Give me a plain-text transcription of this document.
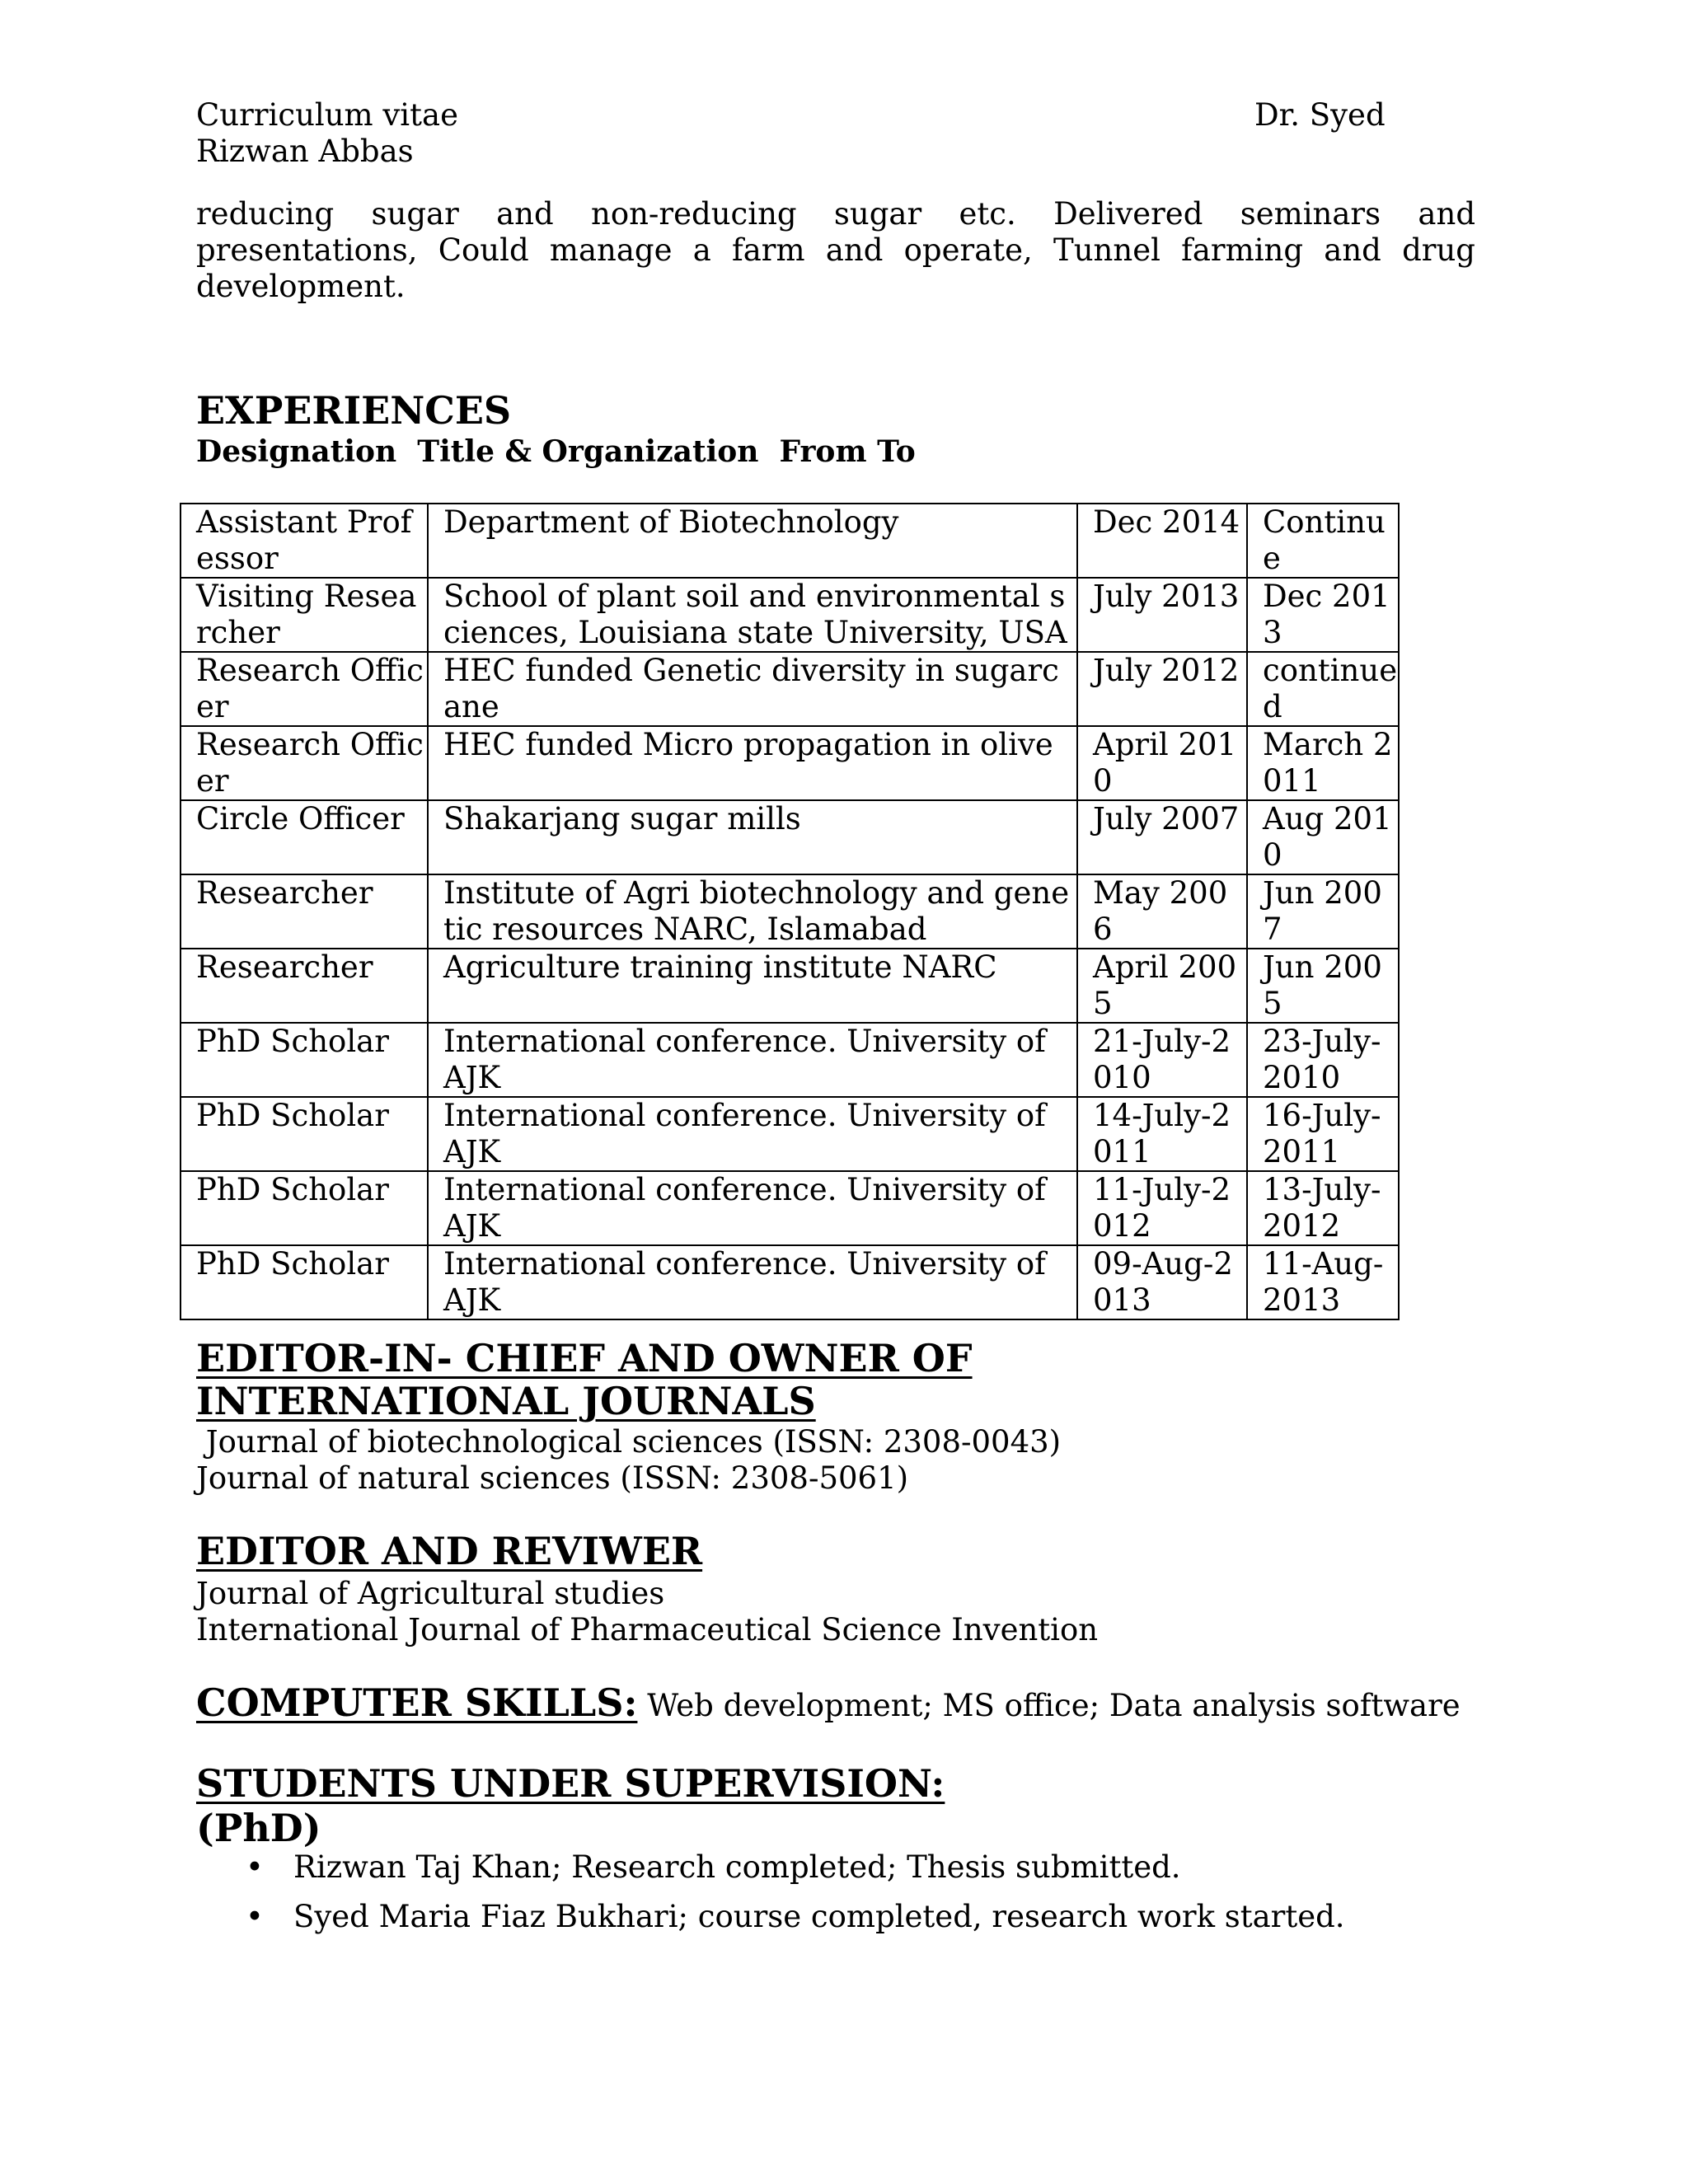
Curriculum vitae
Rizwan Abbas
Dr. Syed
reducing sugar and non-reducing sugar etc. Delivered seminars and presentations, Could manage a farm and operate, Tunnel farming and drug development.
EXPERIENCES
Designation  Title & Organization  From To
Assistant Professor	Department of Biotechnology	Dec 2014	Continue
Visiting Researcher	School of plant soil and environmental sciences, Louisiana state University, USA	July 2013	Dec 2013
Research Officer	HEC funded Genetic diversity in sugarcane	July 2012	continued
Research Officer	HEC funded Micro propagation in olive	April 2010	March 2011
Circle Officer	Shakarjang sugar mills	July 2007	Aug 2010
Researcher	Institute of Agri biotechnology and genetic resources NARC, Islamabad	May 2006	Jun 2007
Researcher	Agriculture training institute NARC	April 2005	Jun 2005
PhD Scholar	International conference. University of AJK	21-July-2010	23-July-2010
PhD Scholar	International conference. University of AJK	14-July-2011	16-July-2011
PhD Scholar	International conference. University of AJK	11-July-2012	13-July-2012
PhD Scholar	International conference. University of AJK	09-Aug-2013	11-Aug-2013
EDITOR-IN- CHIEF AND OWNER OF INTERNATIONAL JOURNALS
Journal of biotechnological sciences (ISSN: 2308-0043)
Journal of natural sciences (ISSN: 2308-5061)
EDITOR AND REVIWER
Journal of Agricultural studies
International Journal of Pharmaceutical Science Invention
COMPUTER SKILLS: Web development; MS office; Data analysis software
STUDENTS UNDER SUPERVISION:
(PhD)
• Rizwan Taj Khan; Research completed; Thesis submitted.
• Syed Maria Fiaz Bukhari; course completed, research work started.
